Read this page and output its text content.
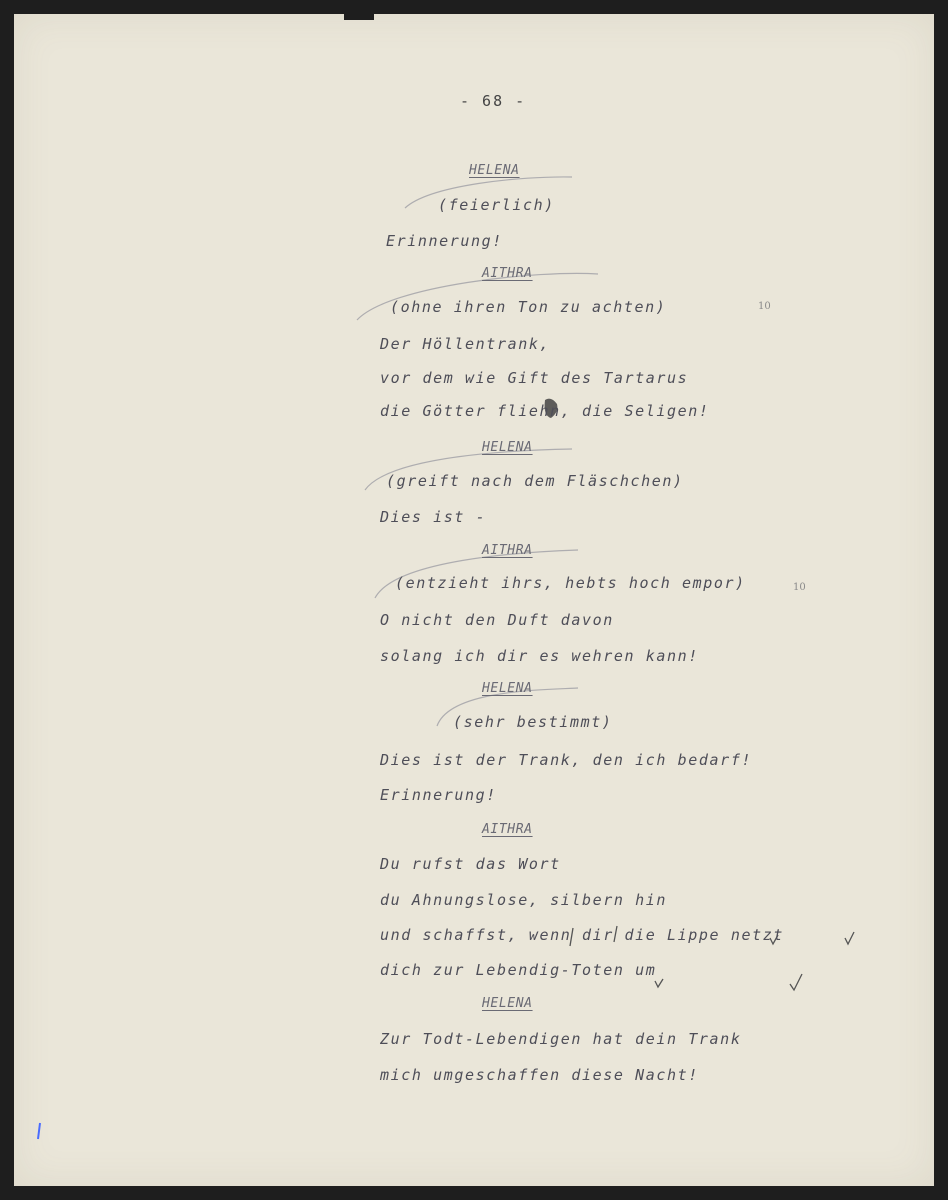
- 68 -
HELENA
(feierlich)
Erinnerung!
AITHRA
(ohne ihren Ton zu achten)
Der Höllentrank,
vor dem wie Gift des Tartarus
die Götter fliehn, die Seligen!
HELENA
(greift nach dem Fläschchen)
Dies ist -
AITHRA
(entzieht ihrs, hebts hoch empor)
O nicht den Duft davon
solang ich dir es wehren kann!
HELENA
(sehr bestimmt)
Dies ist der Trank, den ich bedarf!
Erinnerung!
AITHRA
Du rufst das Wort
du Ahnungslose, silbern hin
und schaffst, wenn dir die Lippe netzt
dich zur Lebendig-Toten um
HELENA
Zur Todt-Lebendigen hat dein Trank
mich umgeschaffen diese Nacht!
10
10
